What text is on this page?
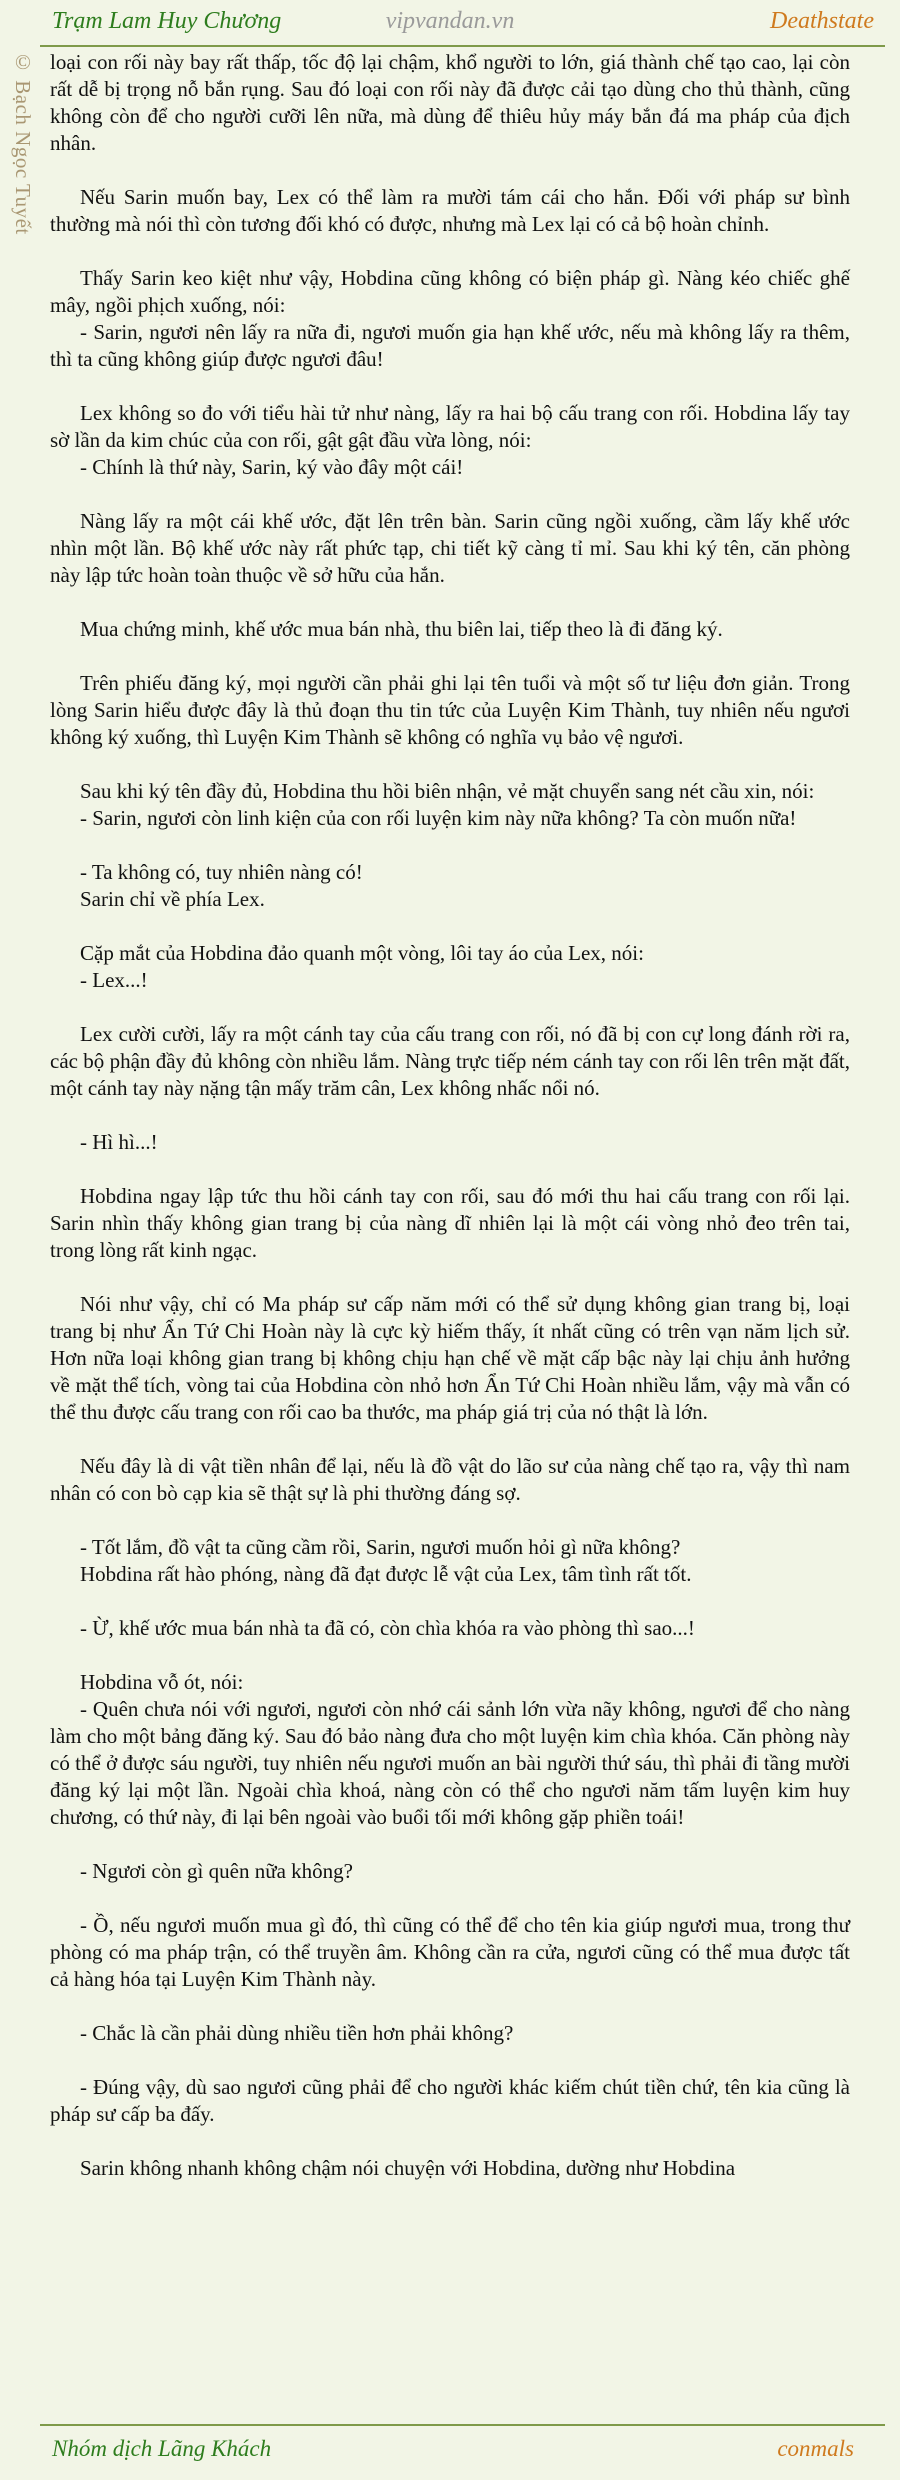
Trạm Lam Huy Chương	vipvandan.vn	Deathstate
© Bạch Ngọc Tuyết loại con rối này bay rất thấp, tốc độ lại chậm, khổ người to lớn, giá thành chế tạo cao, lại còn rất dễ bị trọng nỗ bắn rụng. Sau đó loại con rối này đã được cải tạo dùng cho thủ thành, cũng không còn để cho người cưỡi lên nữa, mà dùng để thiêu hủy máy bắn đá ma pháp của địch nhân.

Nếu Sarin muốn bay, Lex có thể làm ra mười tám cái cho hắn. Đối với pháp sư bình thường mà nói thì còn tương đối khó có được, nhưng mà Lex lại có cả bộ hoàn chỉnh.

Thấy Sarin keo kiệt như vậy, Hobdina cũng không có biện pháp gì. Nàng kéo chiếc ghế mây, ngồi phịch xuống, nói:
- Sarin, ngươi nên lấy ra nữa đi, ngươi muốn gia hạn khế ước, nếu mà không lấy ra thêm, thì ta cũng không giúp được ngươi đâu!

Lex không so đo với tiểu hài tử như nàng, lấy ra hai bộ cấu trang con rối. Hobdina lấy tay sờ lần da kim chúc của con rối, gật gật đầu vừa lòng, nói:
- Chính là thứ này, Sarin, ký vào đây một cái!

Nàng lấy ra một cái khế ước, đặt lên trên bàn. Sarin cũng ngồi xuống, cầm lấy khế ước nhìn một lần. Bộ khế ước này rất phức tạp, chi tiết kỹ càng tỉ mỉ. Sau khi ký tên, căn phòng này lập tức hoàn toàn thuộc về sở hữu của hắn.

Mua chứng minh, khế ước mua bán nhà, thu biên lai, tiếp theo là đi đăng ký.

Trên phiếu đăng ký, mọi người cần phải ghi lại tên tuổi và một số tư liệu đơn giản. Trong lòng Sarin hiểu được đây là thủ đoạn thu tin tức của Luyện Kim Thành, tuy nhiên nếu ngươi không ký xuống, thì Luyện Kim Thành sẽ không có nghĩa vụ bảo vệ ngươi.

Sau khi ký tên đầy đủ, Hobdina thu hồi biên nhận, vẻ mặt chuyển sang nét cầu xin, nói:
- Sarin, ngươi còn linh kiện của con rối luyện kim này nữa không? Ta còn muốn nữa!

- Ta không có, tuy nhiên nàng có!
Sarin chỉ về phía Lex.

Cặp mắt của Hobdina đảo quanh một vòng, lôi tay áo của Lex, nói:
- Lex...!

Lex cười cười, lấy ra một cánh tay của cấu trang con rối, nó đã bị con cự long đánh rời ra, các bộ phận đầy đủ không còn nhiều lắm. Nàng trực tiếp ném cánh tay con rối lên trên mặt đất, một cánh tay này nặng tận mấy trăm cân, Lex không nhấc nổi nó.

- Hì hì...!

Hobdina ngay lập tức thu hồi cánh tay con rối, sau đó mới thu hai cấu trang con rối lại. Sarin nhìn thấy không gian trang bị của nàng dĩ nhiên lại là một cái vòng nhỏ đeo trên tai, trong lòng rất kinh ngạc.

Nói như vậy, chỉ có Ma pháp sư cấp năm mới có thể sử dụng không gian trang bị, loại trang bị như Ẩn Tứ Chi Hoàn này là cực kỳ hiếm thấy, ít nhất cũng có trên vạn năm lịch sử. Hơn nữa loại không gian trang bị không chịu hạn chế về mặt cấp bậc này lại chịu ảnh hưởng về mặt thể tích, vòng tai của Hobdina còn nhỏ hơn Ẩn Tứ Chi Hoàn nhiều lắm, vậy mà vẫn có thể thu được cấu trang con rối cao ba thước, ma pháp giá trị của nó thật là lớn.

Nếu đây là di vật tiền nhân để lại, nếu là đồ vật do lão sư của nàng chế tạo ra, vậy thì nam nhân có con bò cạp kia sẽ thật sự là phi thường đáng sợ.

- Tốt lắm, đồ vật ta cũng cầm rồi, Sarin, ngươi muốn hỏi gì nữa không?
Hobdina rất hào phóng, nàng đã đạt được lễ vật của Lex, tâm tình rất tốt.

- Ừ, khế ước mua bán nhà ta đã có, còn chìa khóa ra vào phòng thì sao...!

Hobdina vỗ ót, nói:
- Quên chưa nói với ngươi, ngươi còn nhớ cái sảnh lớn vừa nãy không, ngươi để cho nàng làm cho một bảng đăng ký. Sau đó bảo nàng đưa cho một luyện kim chìa khóa. Căn phòng này có thể ở được sáu người, tuy nhiên nếu ngươi muốn an bài người thứ sáu, thì phải đi tầng mười đăng ký lại một lần. Ngoài chìa khoá, nàng còn có thể cho ngươi năm tấm luyện kim huy chương, có thứ này, đi lại bên ngoài vào buổi tối mới không gặp phiền toái!

- Ngươi còn gì quên nữa không?

- Ồ, nếu ngươi muốn mua gì đó, thì cũng có thể để cho tên kia giúp ngươi mua, trong thư phòng có ma pháp trận, có thể truyền âm. Không cần ra cửa, ngươi cũng có thể mua được tất cả hàng hóa tại Luyện Kim Thành này.

- Chắc là cần phải dùng nhiều tiền hơn phải không?

- Đúng vậy, dù sao ngươi cũng phải để cho người khác kiếm chút tiền chứ, tên kia cũng là pháp sư cấp ba đấy.

Sarin không nhanh không chậm nói chuyện với Hobdina, dường như Hobdina

Nhóm dịch Lãng Khách	conmals
